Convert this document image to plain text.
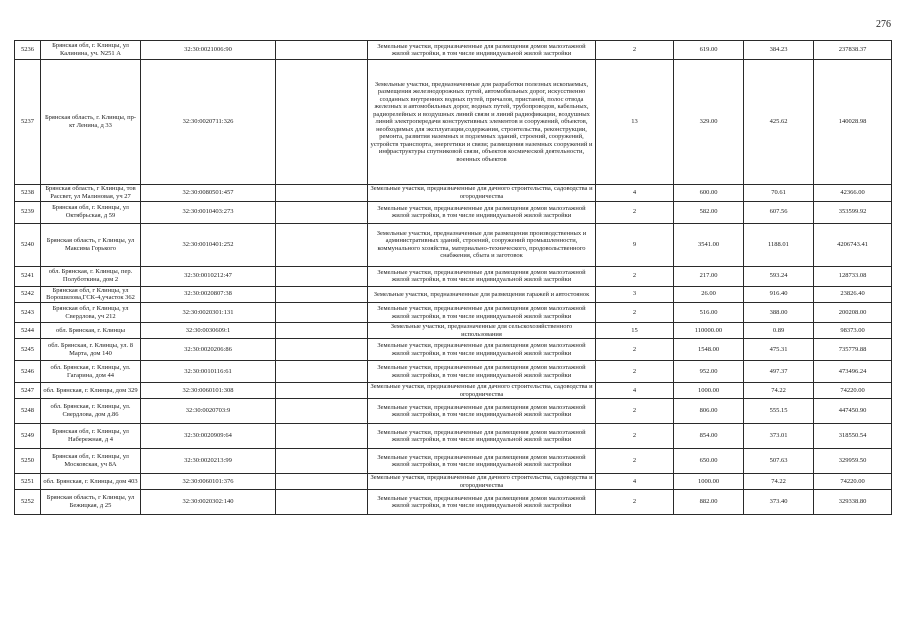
276
5236	Брянская обл, г. Клинцы, ул Калинина, уч. N251 А	32:30:0021006:90		Земельные участки, предназначенные для размещения домов малоэтажной жилой застройки, в том числе индивидуальной жилой застройки	2	619.00	384.23	237838.37
5237	Брянская область, г. Клинцы, пр-кт Ленина, д 33	32:30:0020711:326		Земельные участки, предназначенные для разработки полезных ископаемых, размещения железнодорожных путей, автомобильных дорог, искусственно созданных внутренних водных путей, причалов, пристаней, полос отвода железных и автомобильных дорог, водных путей, трубопроводов, кабельных, радиорелейных и воздушных линий связи и линий радиофикации, воздушных линий электропередачи конструктивных элементов и сооружений, объектов, необходимых для эксплуатации,содержания, строительства, реконструкции, ремонта, развития наземных и подземных зданий, строений, сооружений, устройств транспорта, энергетики и связи; размещения наземных сооружений и инфраструктуры спутниковой связи, объектов космической деятельности, военных объектов	13	329.00	425.62	140028.98
5238	Брянская область, г Клинцы, тов Рассвет, ул Малиновая, уч 27	32:30:0080501:457		Земельные участки, предназначенные для дачного строительства, садоводства и огородничества	4	600.00	70.61	42366.00
5239	Брянская обл, г. Клинцы, ул Октябрьская, д 59	32:30:0010403:273		Земельные участки, предназначенные для размещения домов малоэтажной жилой застройки, в том числе индивидуальной жилой застройки	2	582.00	607.56	353599.92
5240	Брянская область, г Клинцы, ул Максима Горького	32:30:0010401:252		Земельные участки, предназначенные для размещения производственных и административных зданий, строений, сооружений промышленности, коммунального хозяйства, материально-технического, продовольственного снабжения, сбыта и заготовок	9	3541.00	1188.01	4206743.41
5241	обл. Брянская, г. Клинцы, пер. Полуботкина, дом 2	32:30:0010212:47		Земельные участки, предназначенные для размещения домов малоэтажной жилой застройки, в том числе индивидуальной жилой застройки	2	217.00	593.24	128733.08
5242	Брянская обл, г Клинцы, ул Ворошилова,ГСК-4,участок 362	32:30:0020807:38		Земельные участки, предназначенные для размещения гаражей и автостоянок	3	26.00	916.40	23826.40
5243	Брянская обл, г Клинцы, ул Свердлова, уч 212	32:30:0020301:131		Земельные участки, предназначенные для размещения домов малоэтажной жилой застройки, в том числе индивидуальной жилой застройки	2	516.00	388.00	200208.00
5244	обл. Брянская, г. Клинцы	32:30:0030609:1		Земельные участки, предназначенные для сельскохозяйственного использования	15	110000.00	0.89	98373.00
5245	обл. Брянская, г. Клинцы, ул. 8 Марта, дом 140	32:30:0020206:86		Земельные участки, предназначенные для размещения домов малоэтажной жилой застройки, в том числе индивидуальной жилой застройки	2	1548.00	475.31	735779.88
5246	обл. Брянская, г. Клинцы, ул. Гагарина, дом 44	32:30:0010116:61		Земельные участки, предназначенные для размещения домов малоэтажной жилой застройки, в том числе индивидуальной жилой застройки	2	952.00	497.37	473496.24
5247	обл. Брянская, г. Клинцы, дом 329	32:30:0060101:308		Земельные участки, предназначенные для дачного строительства, садоводства и огородничества	4	1000.00	74.22	74220.00
5248	обл. Брянская, г. Клинцы, ул. Свердлова, дом д.86	32:30:0020703:9		Земельные участки, предназначенные для размещения домов малоэтажной жилой застройки, в том числе индивидуальной жилой застройки	2	806.00	555.15	447450.90
5249	Брянская обл, г. Клинцы, ул Набережная, д 4	32:30:0020909:64		Земельные участки, предназначенные для размещения домов малоэтажной жилой застройки, в том числе индивидуальной жилой застройки	2	854.00	373.01	318550.54
5250	Брянская обл, г. Клинцы, ул Московская, уч 8А	32:30:0020213:99		Земельные участки, предназначенные для размещения домов малоэтажной жилой застройки, в том числе индивидуальной жилой застройки	2	650.00	507.63	329959.50
5251	обл. Брянская, г. Клинцы, дом 403	32:30:0060101:376		Земельные участки, предназначенные для дачного строительства, садоводства и огородничества	4	1000.00	74.22	74220.00
5252	Брянская область, г Клинцы, ул Бежицкая, д 25	32:30:0020302:140		Земельные участки, предназначенные для размещения домов малоэтажной жилой застройки, в том числе индивидуальной жилой застройки	2	882.00	373.40	329338.80
